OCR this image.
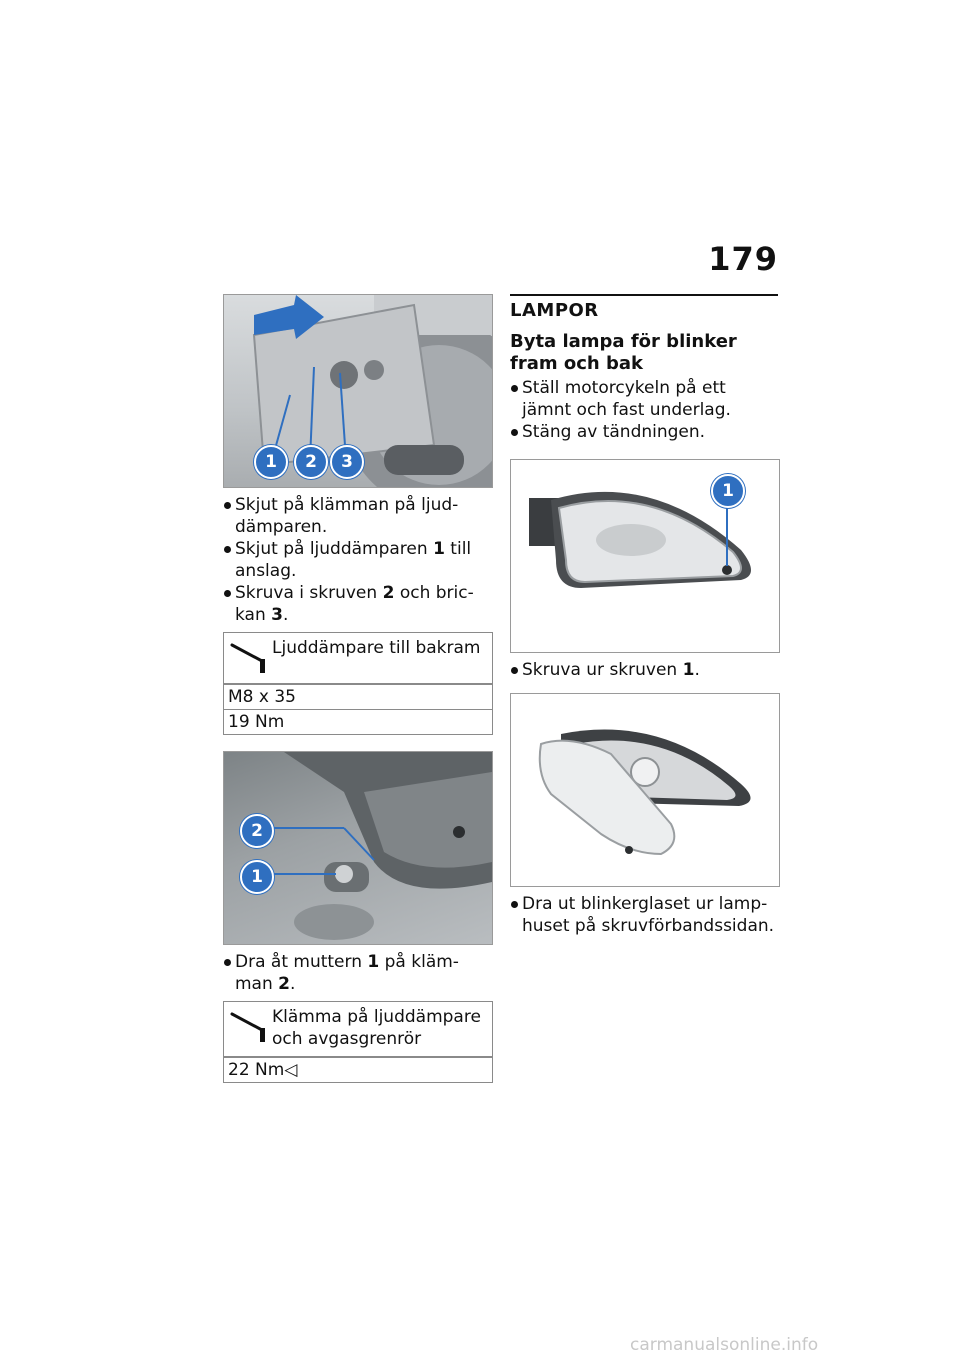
179
1	2	3
Skjut på klämman på ljud-dämparen.
Skjut på ljuddämparen 1 till anslag.
Skruva i skruven 2 och bric-kan 3.
Ljuddämpare till bakram
M8 x 35
19 Nm
2
1
Dra åt muttern 1 på kläm-man 2.
Klämma på ljuddämpare och avgasgrenrör
22 Nm◁
LAMPOR
Byta lampa för blinker fram och bak
Ställ motorcykeln på ett jämnt och fast underlag.
Stäng av tändningen.
1
Skruva ur skruven 1.
Dra ut blinkerglaset ur lamp-huset på skruvförbandssidan.
carmanualsonline.info
